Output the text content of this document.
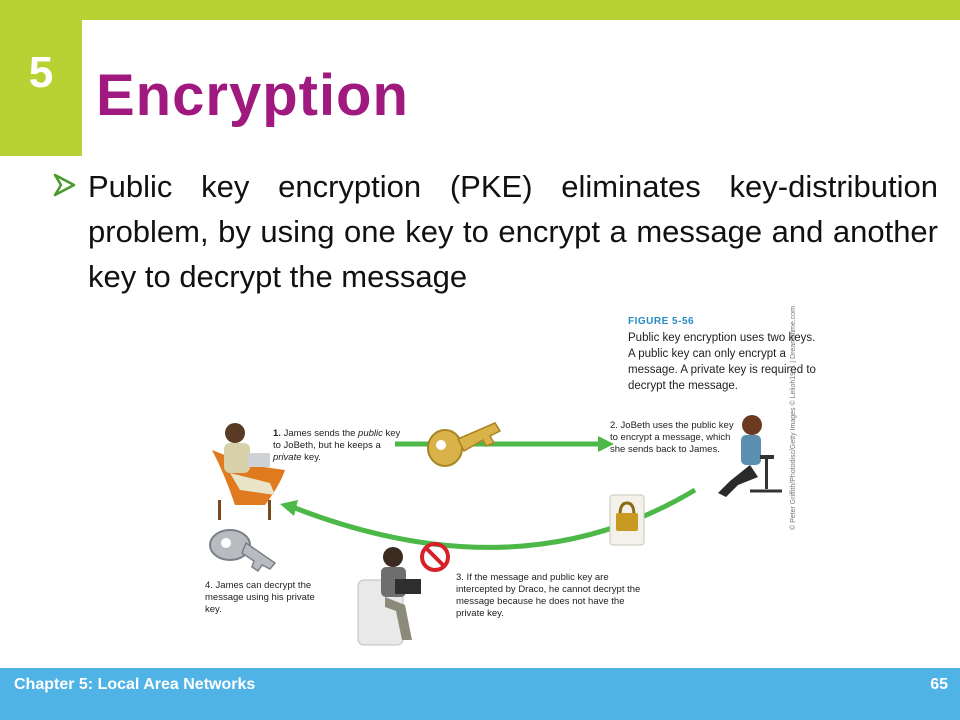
5 Encryption
Public key encryption (PKE) eliminates key-distribution problem, by using one key to encrypt a message and another key to decrypt the message
FIGURE 5-56
Public key encryption uses two keys. A public key can only encrypt a message. A private key is required to decrypt the message.
1. James sends the public key to JoBeth, but he keeps a private key.
2. JoBeth uses the public key to encrypt a message, which she sends back to James.
3. If the message and public key are intercepted by Draco, he cannot decrypt the message because he does not have the private key.
4. James can decrypt the message using his private key.
© Peter Griffith/Photodisc/Getty Images © Lelioh1911 | Dreamstime.com
Chapter 5: Local Area Networks	65
